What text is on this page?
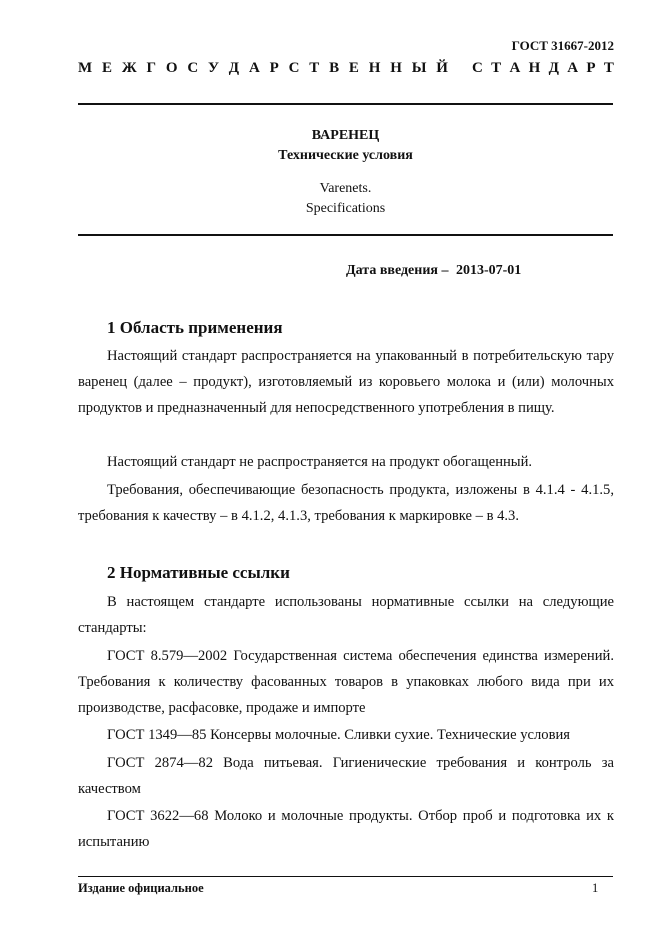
ГОСТ 31667-2012
М Е Ж Г О С У Д А Р С Т В Е Н Н Ы Й С Т А Н Д А Р Т
ВАРЕНЕЦ
Технические условия
Varenets.
Specifications
Дата введения – 2013-07-01
1 Область применения

Настоящий стандарт распространяется на упакованный в потребительскую тару варенец (далее – продукт), изготовляемый из коровьего молока и (или) молочных продуктов и предназначенный для непосредственного употребления в пищу.

Настоящий стандарт не распространяется на продукт обогащенный.

Требования, обеспечивающие безопасность продукта, изложены в 4.1.4 - 4.1.5, требования к качеству – в 4.1.2, 4.1.3, требования к маркировке – в 4.3.

2 Нормативные ссылки

В настоящем стандарте использованы нормативные ссылки на следующие стандарты:

ГОСТ 8.579—2002 Государственная система обеспечения единства измерений. Требования к количеству фасованных товаров в упаковках любого вида при их производстве, расфасовке, продаже и импорте

ГОСТ 1349—85 Консервы молочные. Сливки сухие. Технические условия

ГОСТ 2874—82 Вода питьевая. Гигиенические требования и контроль за качеством

ГОСТ 3622—68 Молоко и молочные продукты. Отбор проб и подготовка их к испытанию

Издание официальное	1
